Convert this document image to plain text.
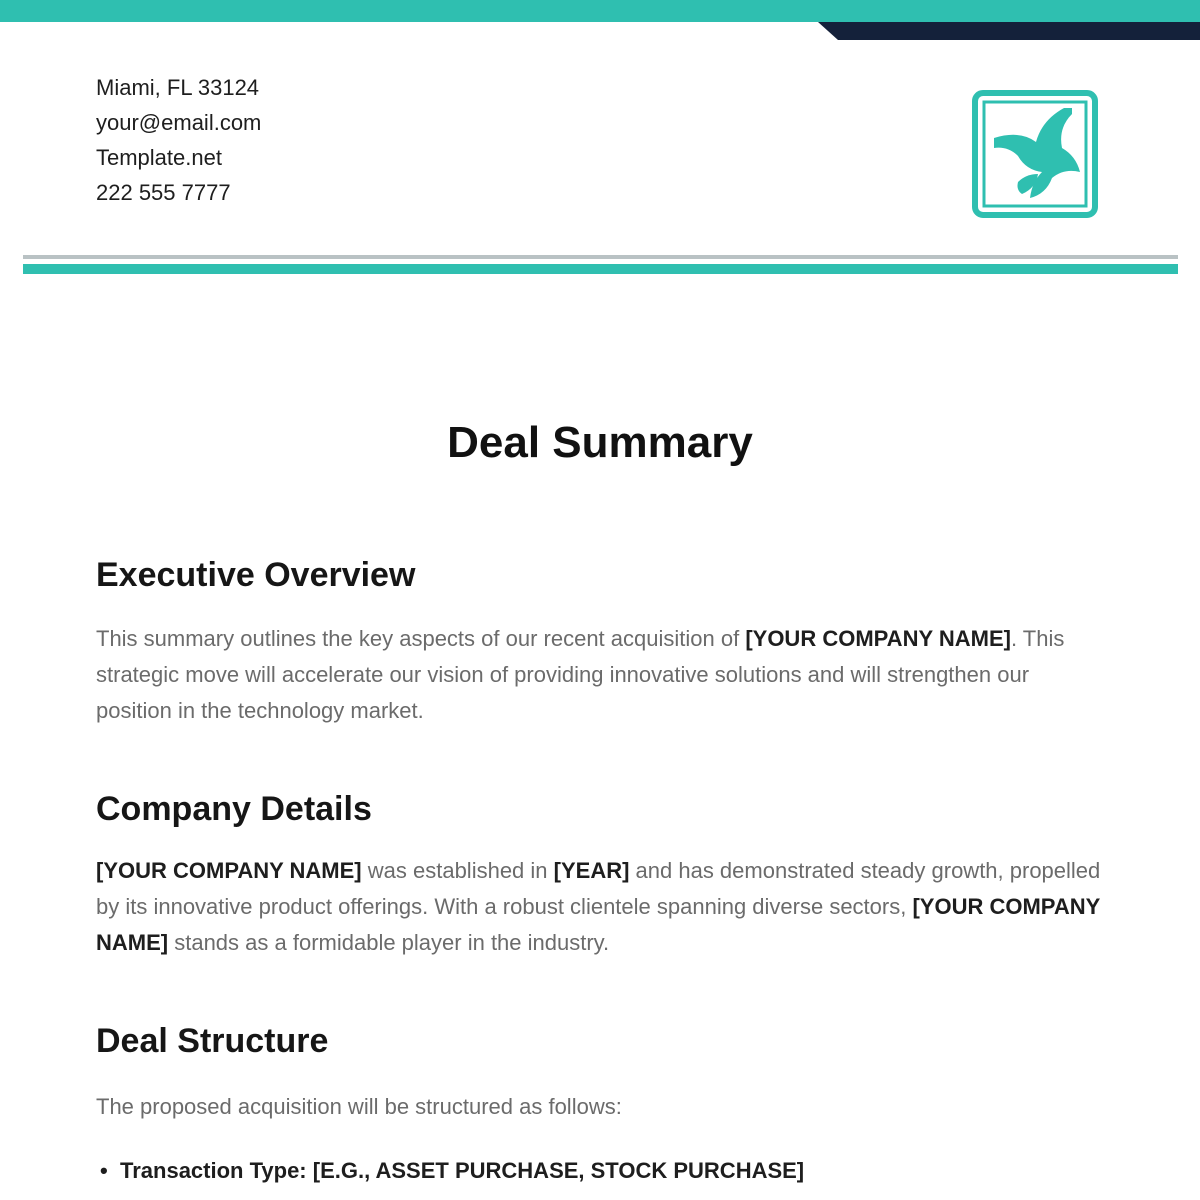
Miami, FL 33124
your@email.com
Template.net
222 555 7777
Deal Summary
Executive Overview

This summary outlines the key aspects of our recent acquisition of [YOUR COMPANY NAME]. This strategic move will accelerate our vision of providing innovative solutions and will strengthen our position in the technology market.

Company Details

[YOUR COMPANY NAME] was established in [YEAR] and has demonstrated steady growth, propelled by its innovative product offerings. With a robust clientele spanning diverse sectors, [YOUR COMPANY NAME] stands as a formidable player in the industry.

Deal Structure

The proposed acquisition will be structured as follows:

• Transaction Type: [E.G., ASSET PURCHASE, STOCK PURCHASE]
